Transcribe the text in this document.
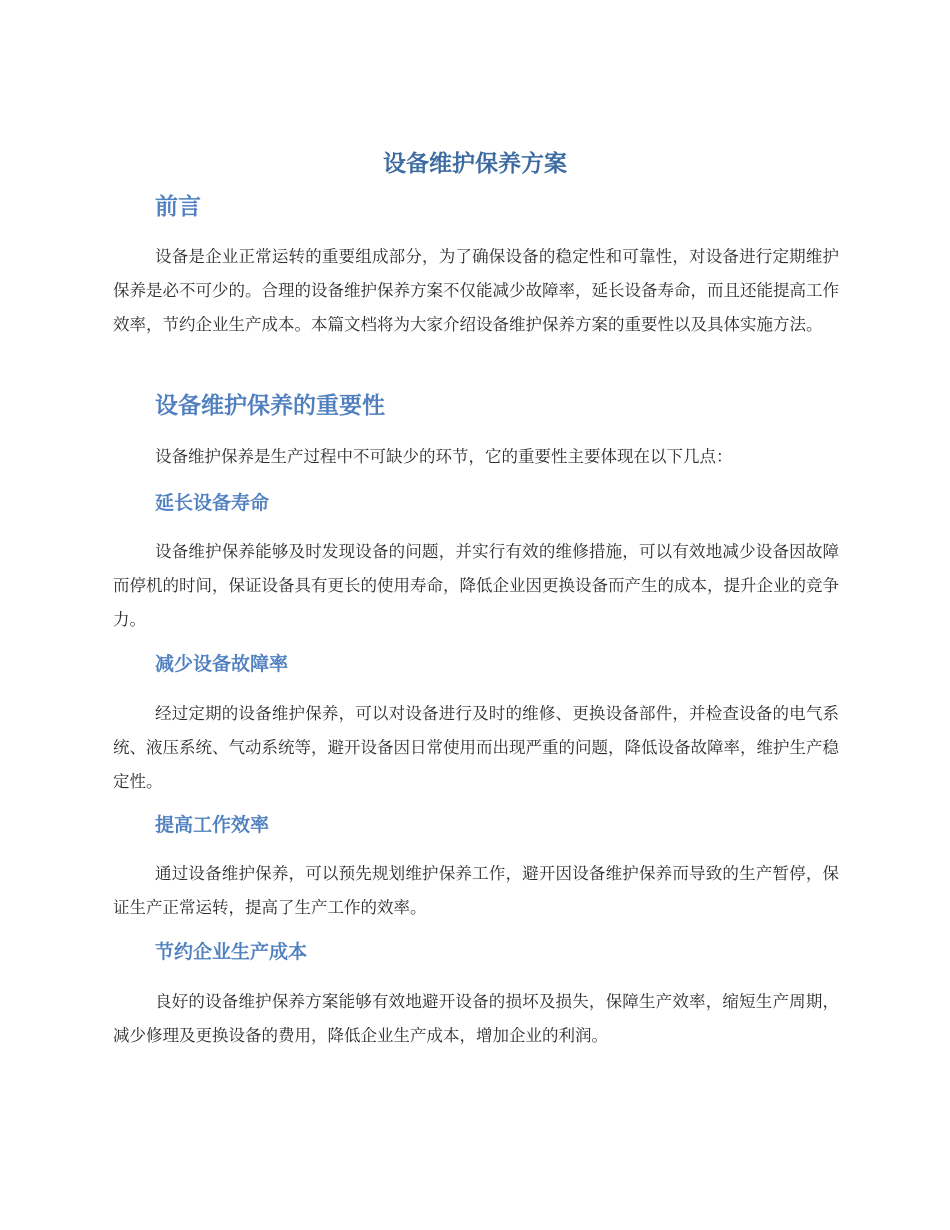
设备维护保养方案
前言

设备是企业正常运转的重要组成部分，为了确保设备的稳定性和可靠性，对设备进行定期维护保养是必不可少的。合理的设备维护保养方案不仅能减少故障率，延长设备寿命，而且还能提高工作效率，节约企业生产成本。本篇文档将为大家介绍设备维护保养方案的重要性以及具体实施方法。

设备维护保养的重要性

设备维护保养是生产过程中不可缺少的环节，它的重要性主要体现在以下几点：

延长设备寿命

设备维护保养能够及时发现设备的问题，并实行有效的维修措施，可以有效地减少设备因故障而停机的时间，保证设备具有更长的使用寿命，降低企业因更换设备而产生的成本，提升企业的竞争力。

减少设备故障率

经过定期的设备维护保养，可以对设备进行及时的维修、更换设备部件，并检查设备的电气系统、液压系统、气动系统等，避开设备因日常使用而出现严重的问题，降低设备故障率，维护生产稳定性。

提高工作效率

通过设备维护保养，可以预先规划维护保养工作，避开因设备维护保养而导致的生产暂停，保证生产正常运转，提高了生产工作的效率。

节约企业生产成本

良好的设备维护保养方案能够有效地避开设备的损坏及损失，保障生产效率，缩短生产周期，减少修理及更换设备的费用，降低企业生产成本，增加企业的利润。
